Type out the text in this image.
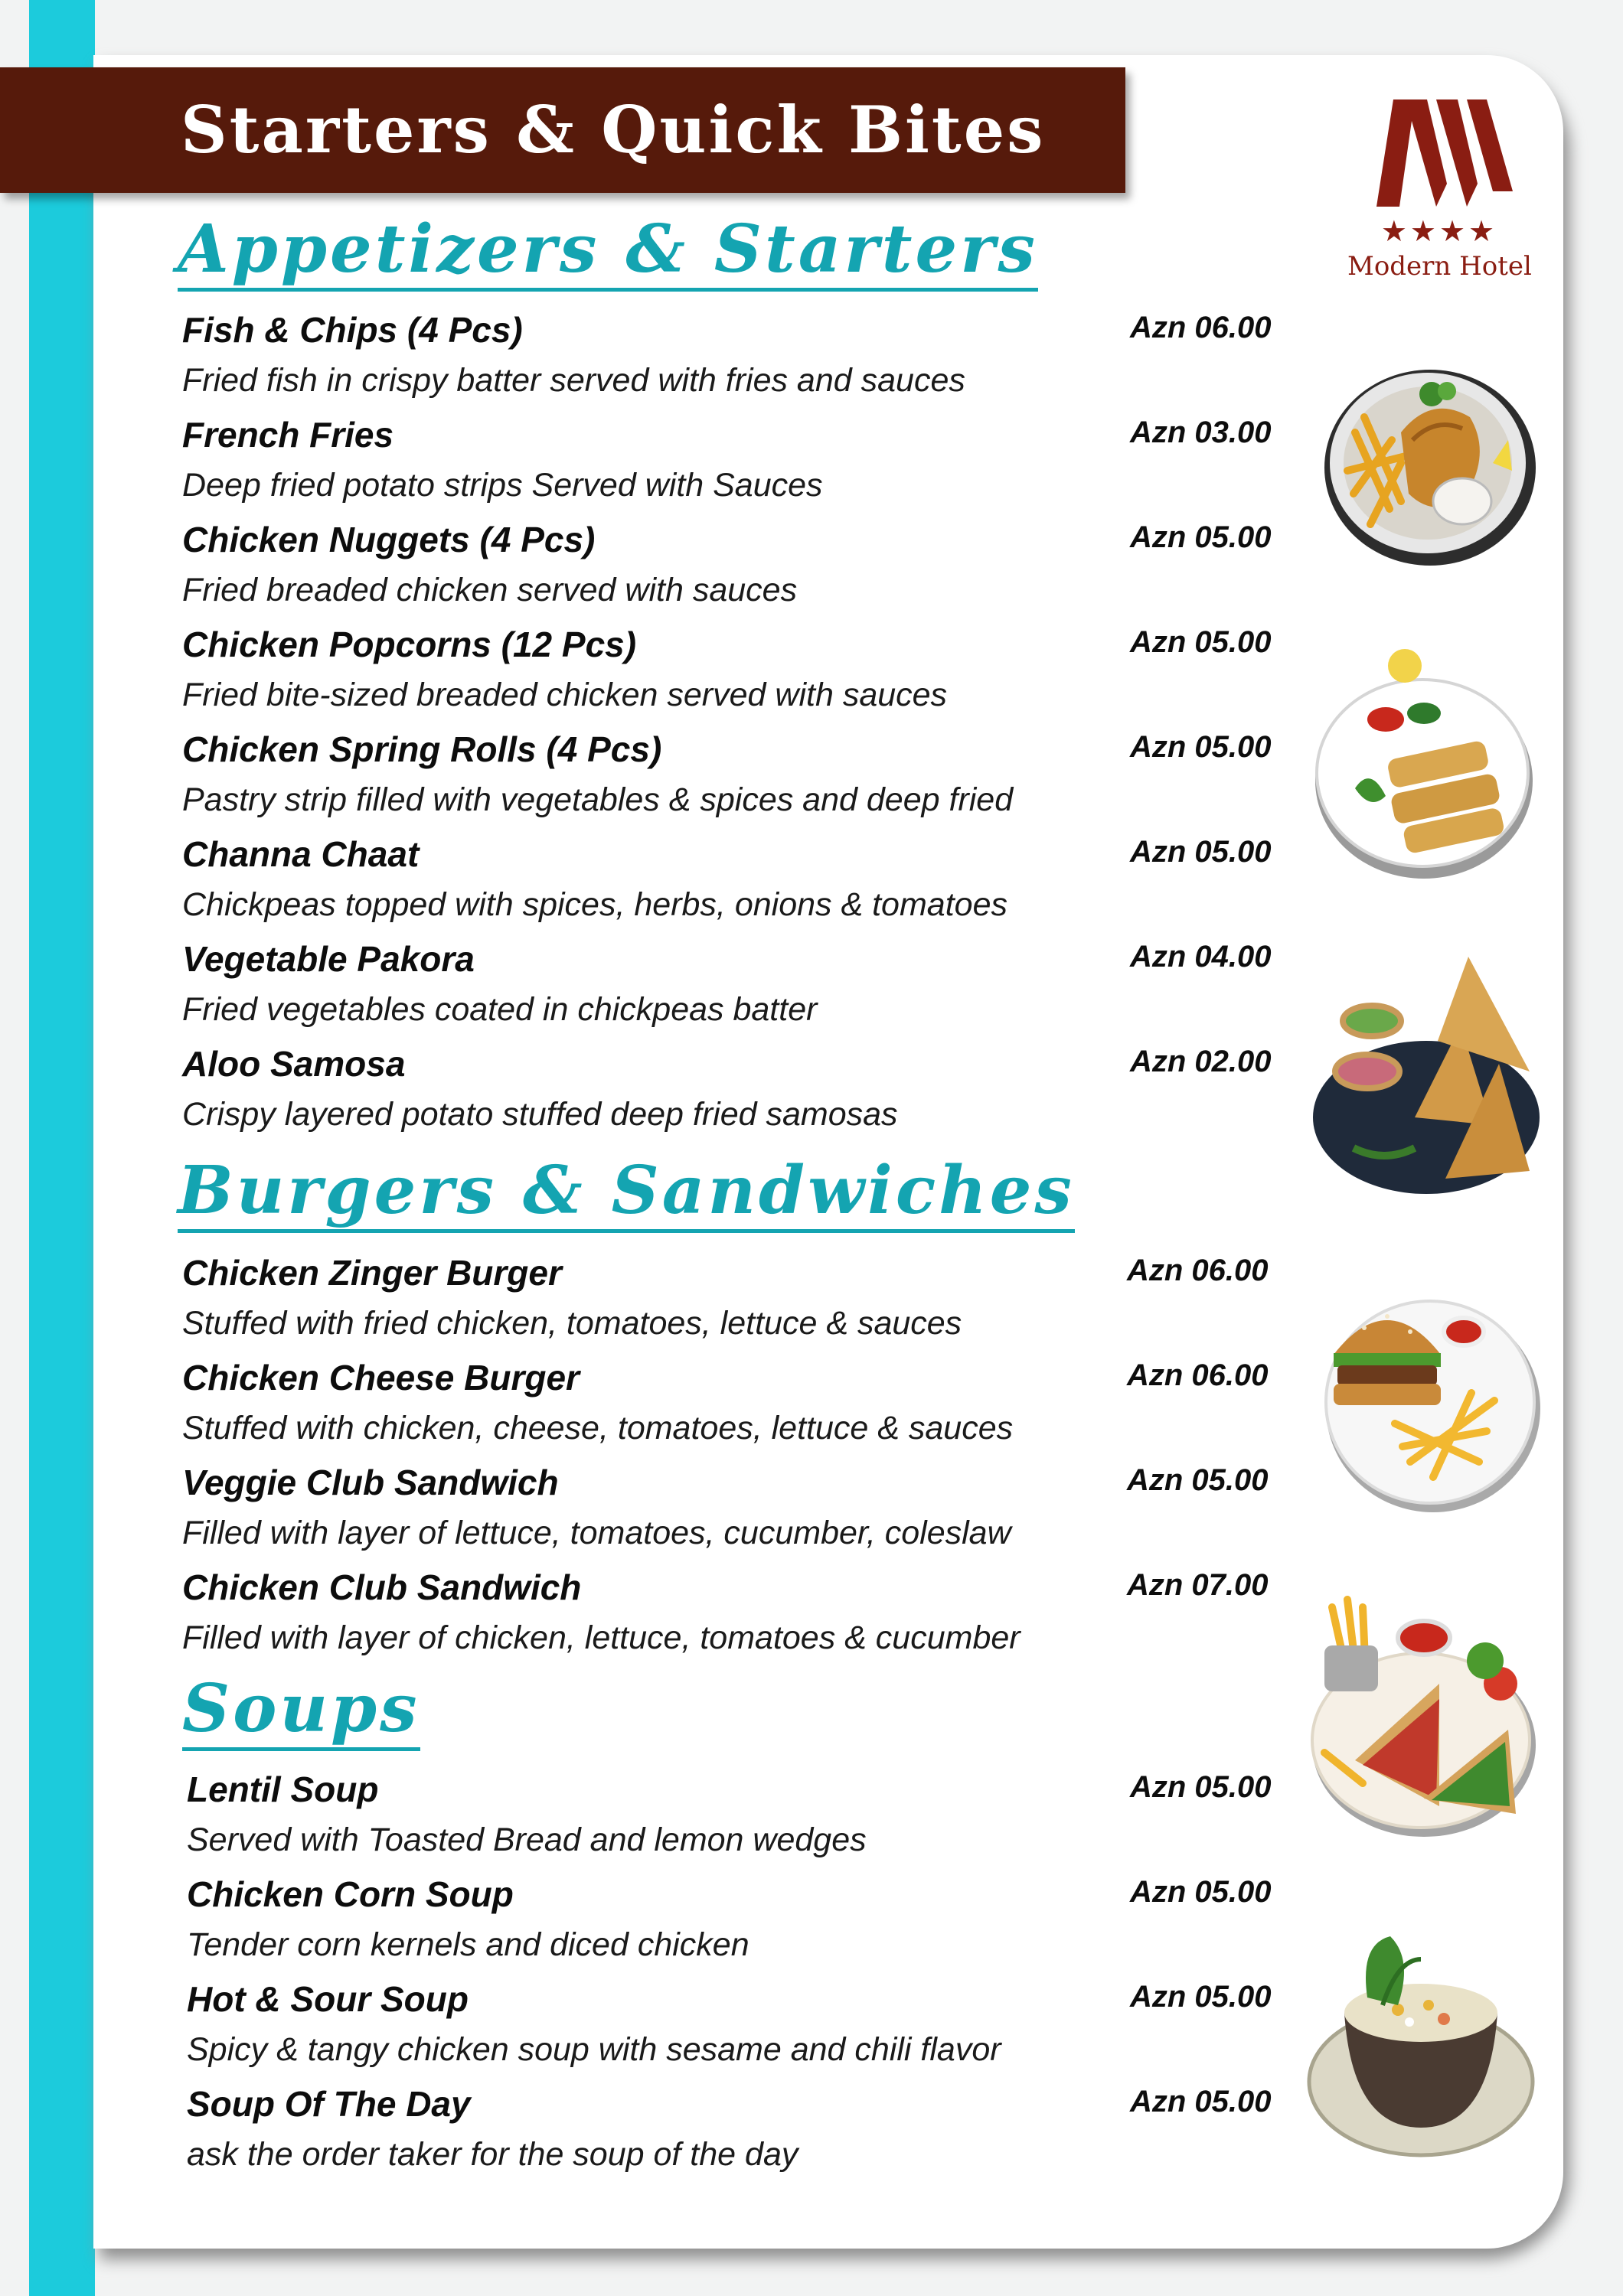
Starters & Quick Bites
★★★★
Modern Hotel
Appetizers & Starters
Fish & Chips (4 Pcs)	Azn 06.00
Fried fish in crispy batter served with fries and sauces
French Fries	Azn 03.00
Deep fried potato strips Served with Sauces
Chicken Nuggets (4 Pcs)	Azn 05.00
Fried breaded chicken served with sauces
Chicken Popcorns (12 Pcs)	Azn 05.00
Fried bite-sized breaded chicken served with sauces
Chicken Spring Rolls (4 Pcs)	Azn 05.00
Pastry strip filled with vegetables & spices and deep fried
Channa Chaat	Azn 05.00
Chickpeas topped with spices, herbs, onions & tomatoes
Vegetable Pakora	Azn 04.00
Fried vegetables coated in chickpeas batter
Aloo Samosa	Azn 02.00
Crispy layered potato stuffed deep fried samosas
Burgers & Sandwiches
Chicken Zinger Burger	Azn 06.00
Stuffed with fried chicken, tomatoes, lettuce & sauces
Chicken Cheese Burger	Azn 06.00
Stuffed with chicken, cheese, tomatoes, lettuce & sauces
Veggie Club Sandwich	Azn 05.00
Filled with layer of lettuce, tomatoes, cucumber, coleslaw
Chicken Club Sandwich	Azn 07.00
Filled with layer of chicken, lettuce, tomatoes & cucumber
Soups
Lentil Soup	Azn 05.00
Served with Toasted Bread and lemon wedges
Chicken Corn Soup	Azn 05.00
Tender corn kernels and diced chicken
Hot & Sour Soup	Azn 05.00
Spicy & tangy chicken soup with sesame and chili flavor
Soup Of The Day	Azn 05.00
ask the order taker for the soup of the day
